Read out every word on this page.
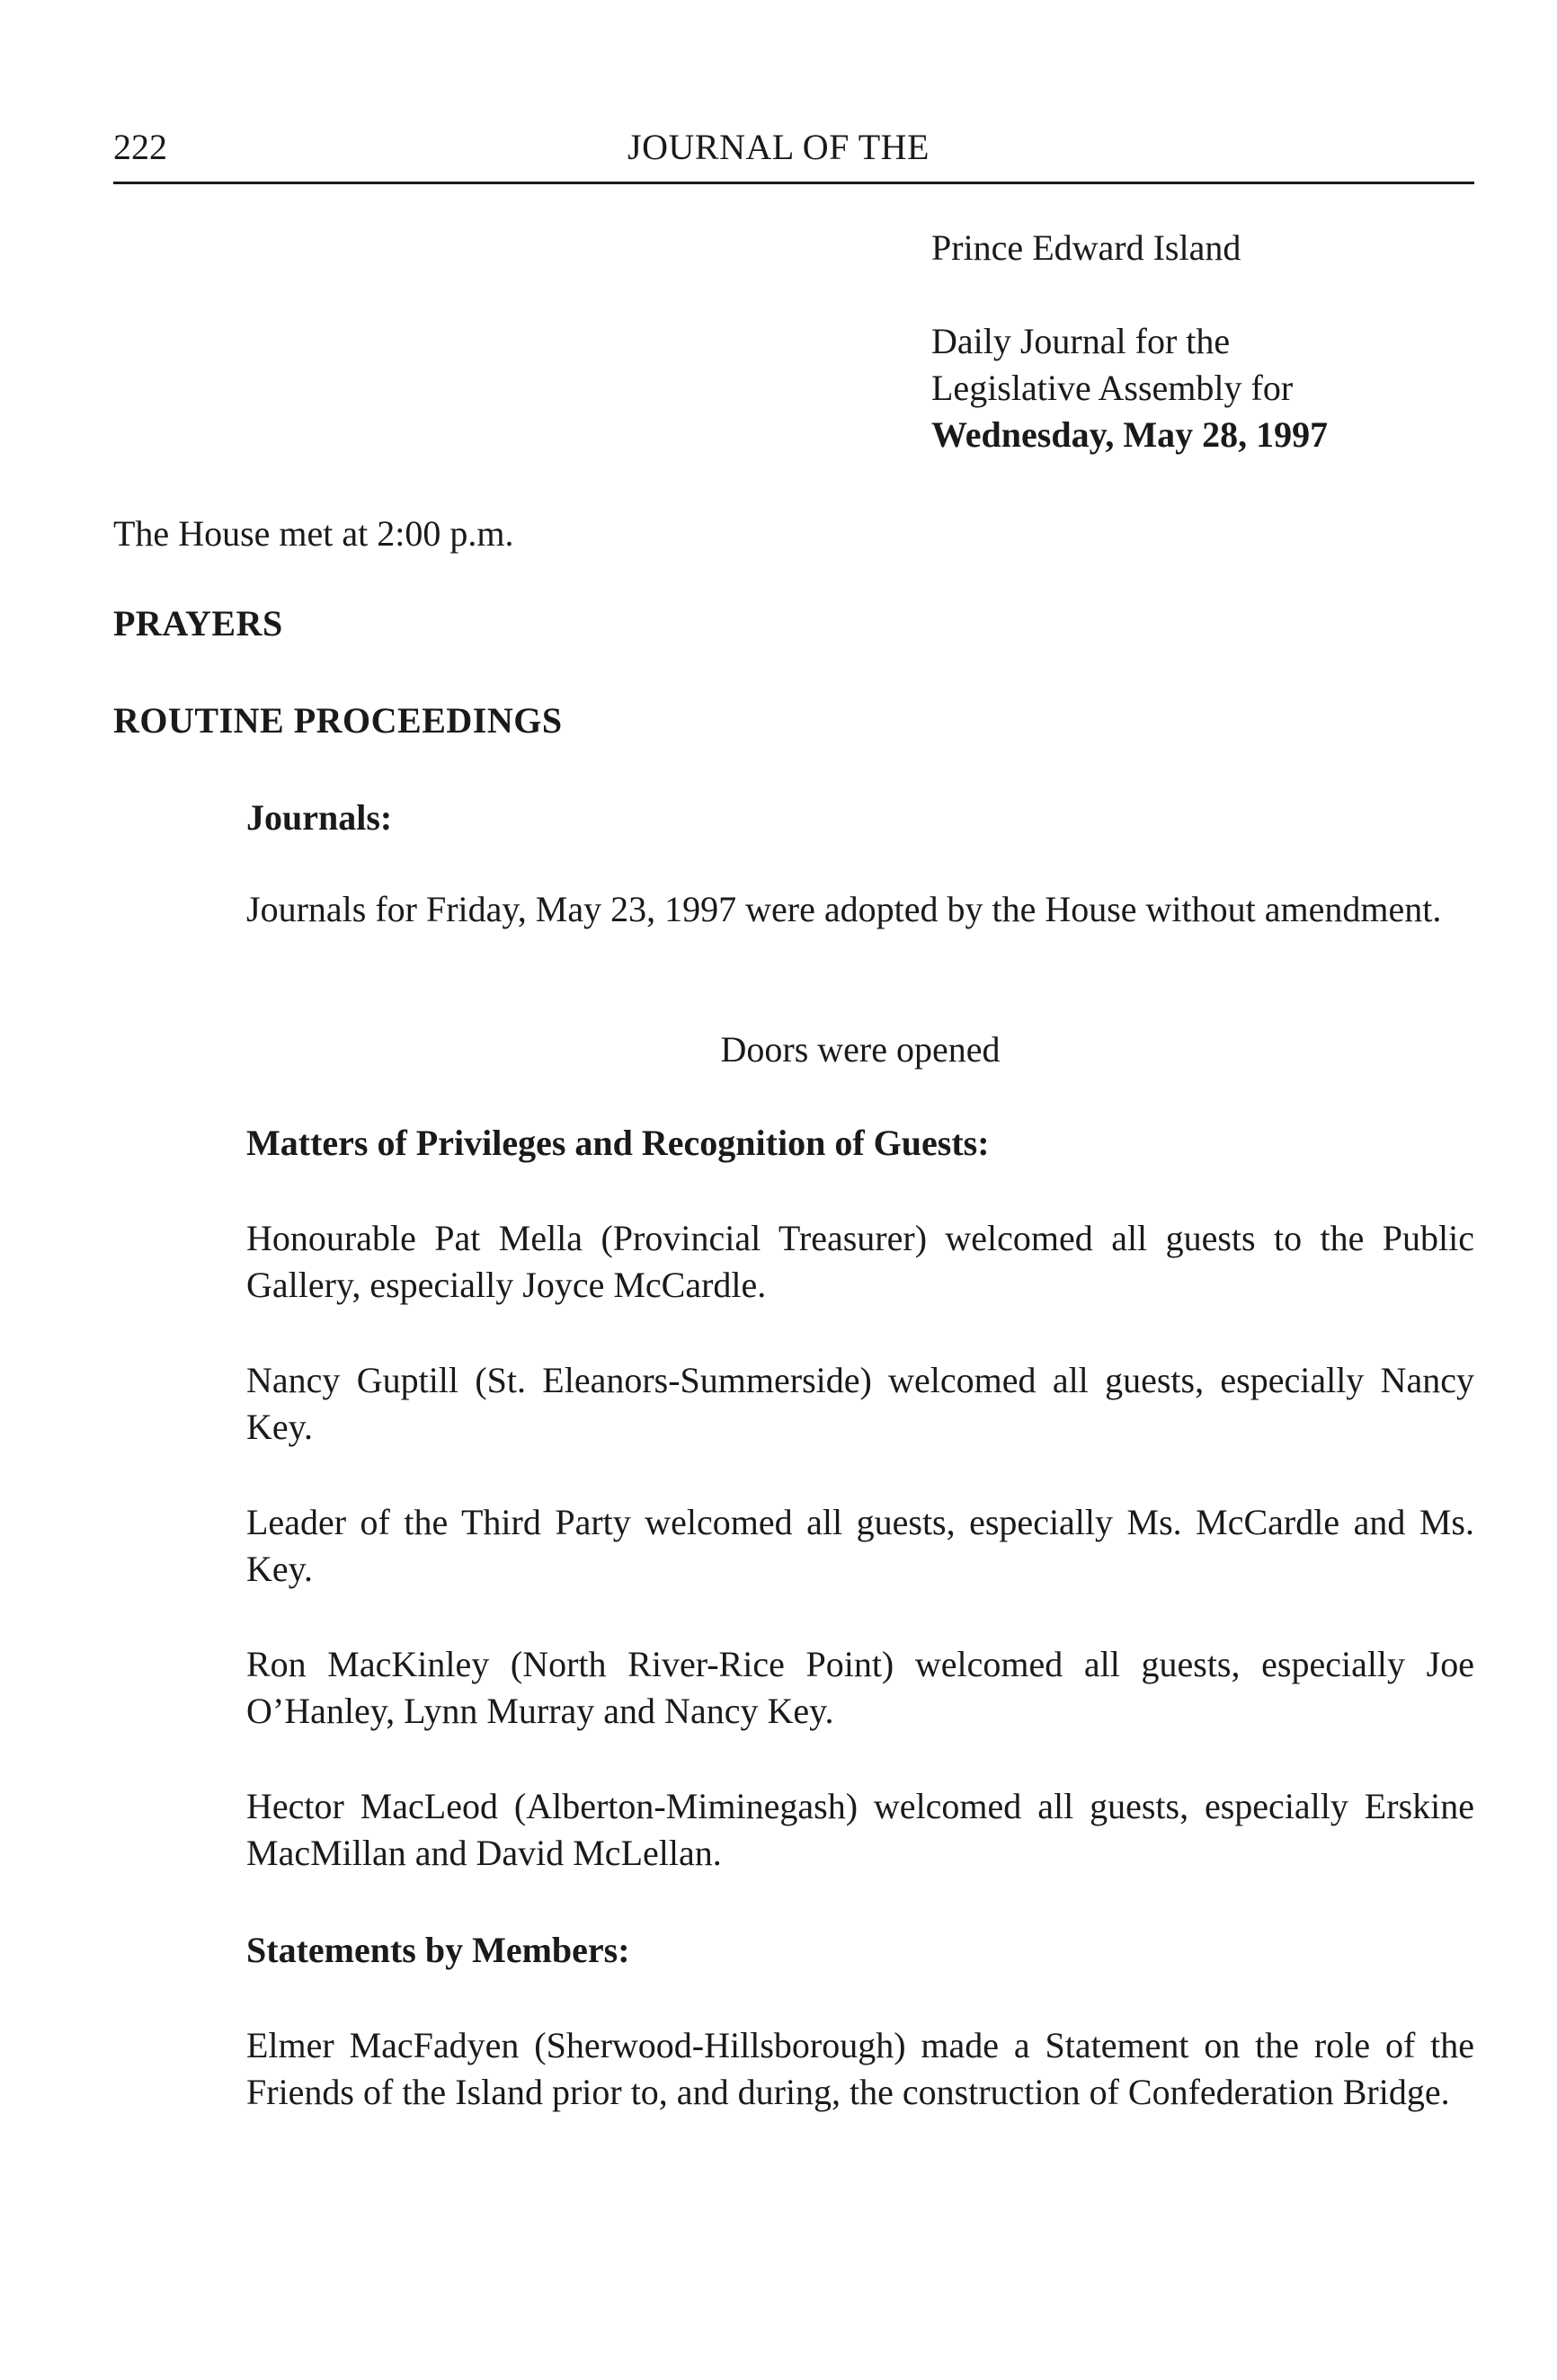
222	JOURNAL OF THE
Prince Edward Island
Daily Journal for the
Legislative Assembly for
Wednesday, May 28, 1997
The House met at 2:00 p.m.
PRAYERS
ROUTINE PROCEEDINGS
Journals:
Journals for Friday, May 23, 1997 were adopted by the House without amendment.
Doors were opened
Matters of Privileges and Recognition of Guests:
Honourable Pat Mella (Provincial Treasurer) welcomed all guests to the Public Gallery, especially Joyce McCardle.
Nancy Guptill (St. Eleanors-Summerside) welcomed all guests, especially Nancy Key.
Leader of the Third Party welcomed all guests, especially Ms. McCardle and Ms. Key.
Ron MacKinley (North River-Rice Point) welcomed all guests, especially Joe O’Hanley, Lynn Murray and Nancy Key.
Hector MacLeod (Alberton-Miminegash) welcomed all guests, especially Erskine MacMillan and David McLellan.
Statements by Members:
Elmer MacFadyen (Sherwood-Hillsborough) made a Statement on the role of the Friends of the Island prior to, and during, the construction of Confederation Bridge.
